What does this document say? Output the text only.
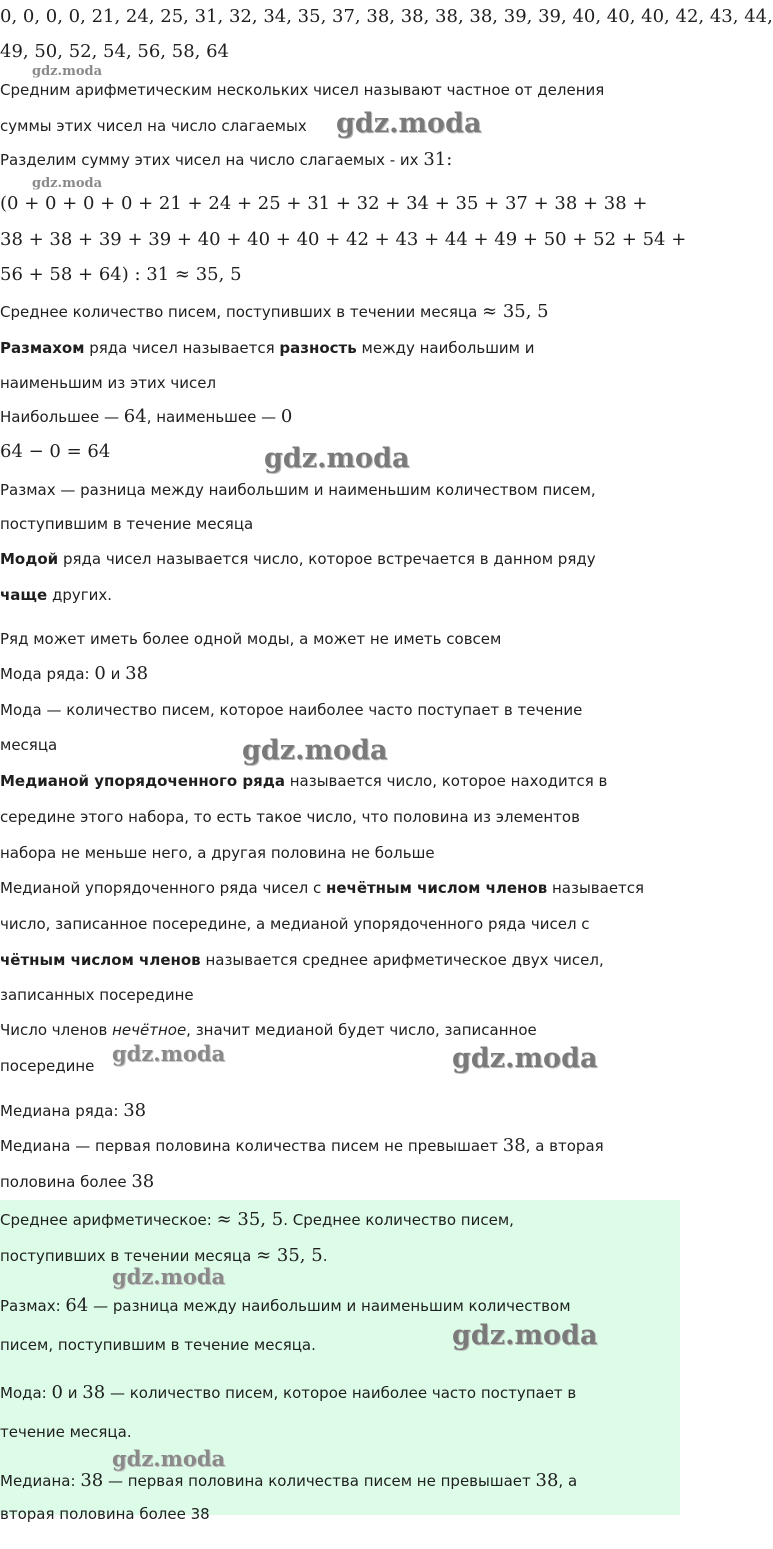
0, 0, 0, 0, 21, 24, 25, 31, 32, 34, 35, 37, 38, 38, 38, 38, 39, 39, 40, 40, 40, 42, 43, 44,
49, 50, 52, 54, 56, 58, 64
Средним арифметическим нескольких чисел называют частное от деления
суммы этих чисел на число слагаемых
Разделим сумму этих чисел на число слагаемых - их 31:
(0 + 0 + 0 + 0 + 21 + 24 + 25 + 31 + 32 + 34 + 35 + 37 + 38 + 38 +
38 + 38 + 39 + 39 + 40 + 40 + 40 + 42 + 43 + 44 + 49 + 50 + 52 + 54 +
56 + 58 + 64) : 31 ≈ 35, 5
Среднее количество писем, поступивших в течении месяца ≈ 35, 5
Размахом ряда чисел называется разность между наибольшим и
наименьшим из этих чисел
Наибольшее — 64, наименьшее — 0
64 − 0 = 64
Размах — разница между наибольшим и наименьшим количеством писем,
поступившим в течение месяца
Модой ряда чисел называется число, которое встречается в данном ряду
чаще других.
Ряд может иметь более одной моды, а может не иметь совсем
Мода ряда: 0 и 38
Мода — количество писем, которое наиболее часто поступает в течение
месяца
Медианой упорядоченного ряда называется число, которое находится в
середине этого набора, то есть такое число, что половина из элементов
набора не меньше него, а другая половина не больше
Медианой упорядоченного ряда чисел с нечётным числом членов называется
число, записанное посередине, а медианой упорядоченного ряда чисел с
чётным числом членов называется среднее арифметическое двух чисел,
записанных посередине
Число членов нечётное, значит медианой будет число, записанное
посередине
Медиана ряда: 38
Медиана — первая половина количества писем не превышает 38, а вторая
половина более 38
Среднее арифметическое: ≈ 35, 5. Среднее количество писем,
поступивших в течении месяца ≈ 35, 5.
Размах: 64 — разница между наибольшим и наименьшим количеством
писем, поступившим в течение месяца.
Мода: 0 и 38 — количество писем, которое наиболее часто поступает в
течение месяца.
Медиана: 38 — первая половина количества писем не превышает 38, а
вторая половина более 38
gdz.moda
gdz.moda
gdz.moda
gdz.moda
gdz.moda
gdz.moda	gdz.moda
gdz.moda
gdz.moda
gdz.moda
